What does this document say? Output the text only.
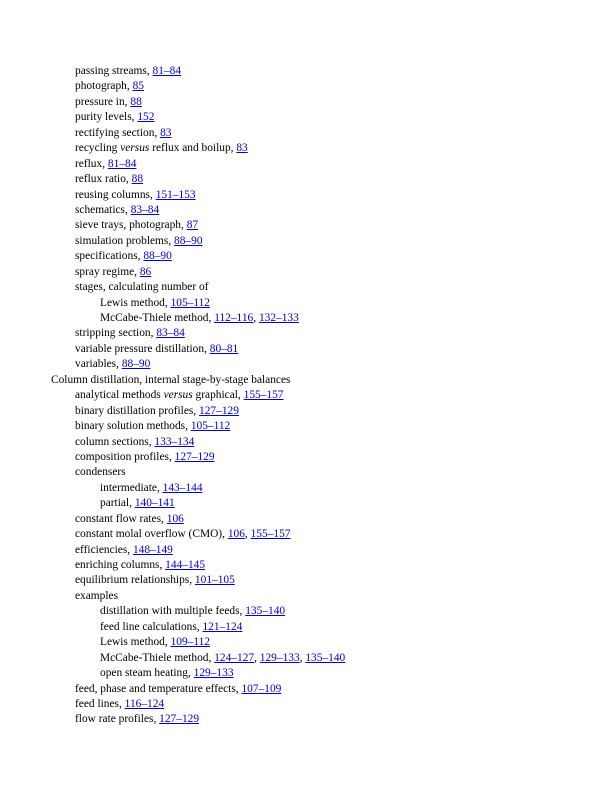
passing streams, 81–84
photograph, 85
pressure in, 88
purity levels, 152
rectifying section, 83
recycling versus reflux and boilup, 83
reflux, 81–84
reflux ratio, 88
reusing columns, 151–153
schematics, 83–84
sieve trays, photograph, 87
simulation problems, 88–90
specifications, 88–90
spray regime, 86
stages, calculating number of
Lewis method, 105–112
McCabe-Thiele method, 112–116, 132–133
stripping section, 83–84
variable pressure distillation, 80–81
variables, 88–90
Column distillation, internal stage-by-stage balances
analytical methods versus graphical, 155–157
binary distillation profiles, 127–129
binary solution methods, 105–112
column sections, 133–134
composition profiles, 127–129
condensers
intermediate, 143–144
partial, 140–141
constant flow rates, 106
constant molal overflow (CMO), 106, 155–157
efficiencies, 148–149
enriching columns, 144–145
equilibrium relationships, 101–105
examples
distillation with multiple feeds, 135–140
feed line calculations, 121–124
Lewis method, 109–112
McCabe-Thiele method, 124–127, 129–133, 135–140
open steam heating, 129–133
feed, phase and temperature effects, 107–109
feed lines, 116–124
flow rate profiles, 127–129
